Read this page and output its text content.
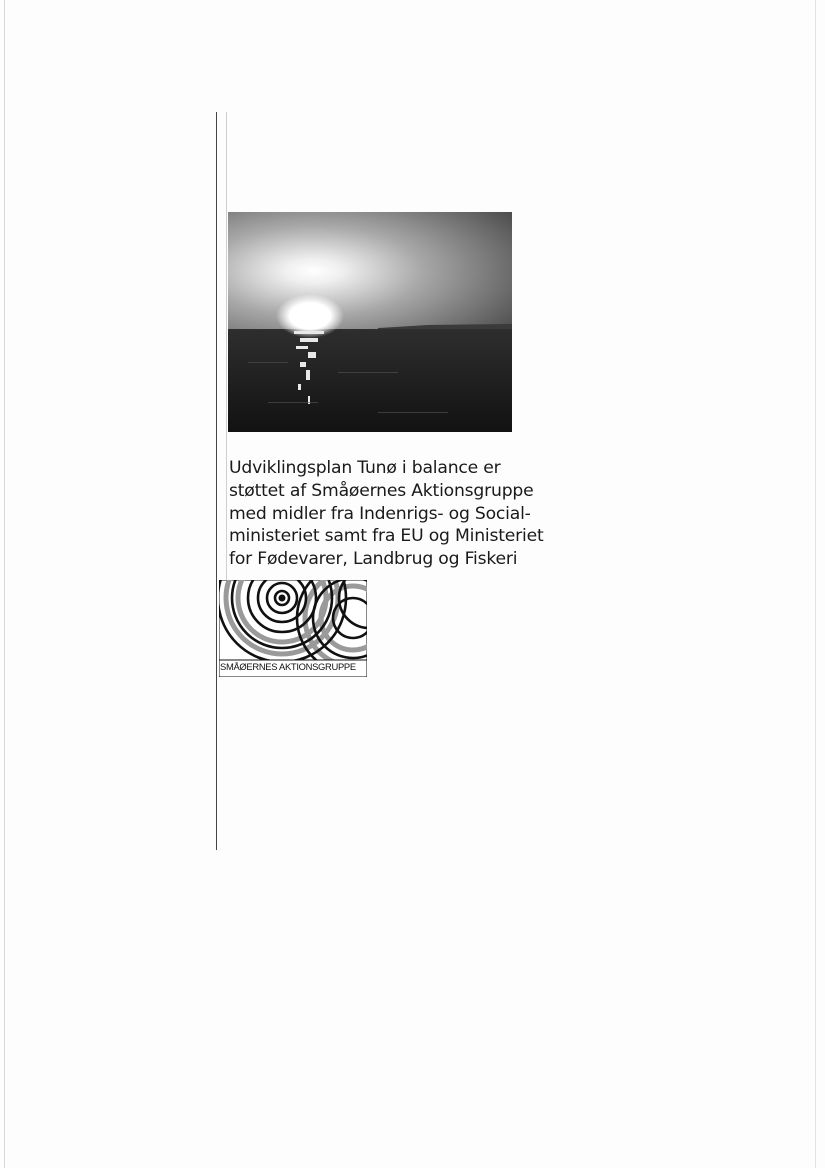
Udviklingsplan Tunø i balance er
støttet af Småøernes Aktionsgruppe
med midler fra Indenrigs- og Social-
ministeriet samt fra EU og Ministeriet
for Fødevarer, Landbrug og Fiskeri
SMÅØERNES AKTIONSGRUPPE
